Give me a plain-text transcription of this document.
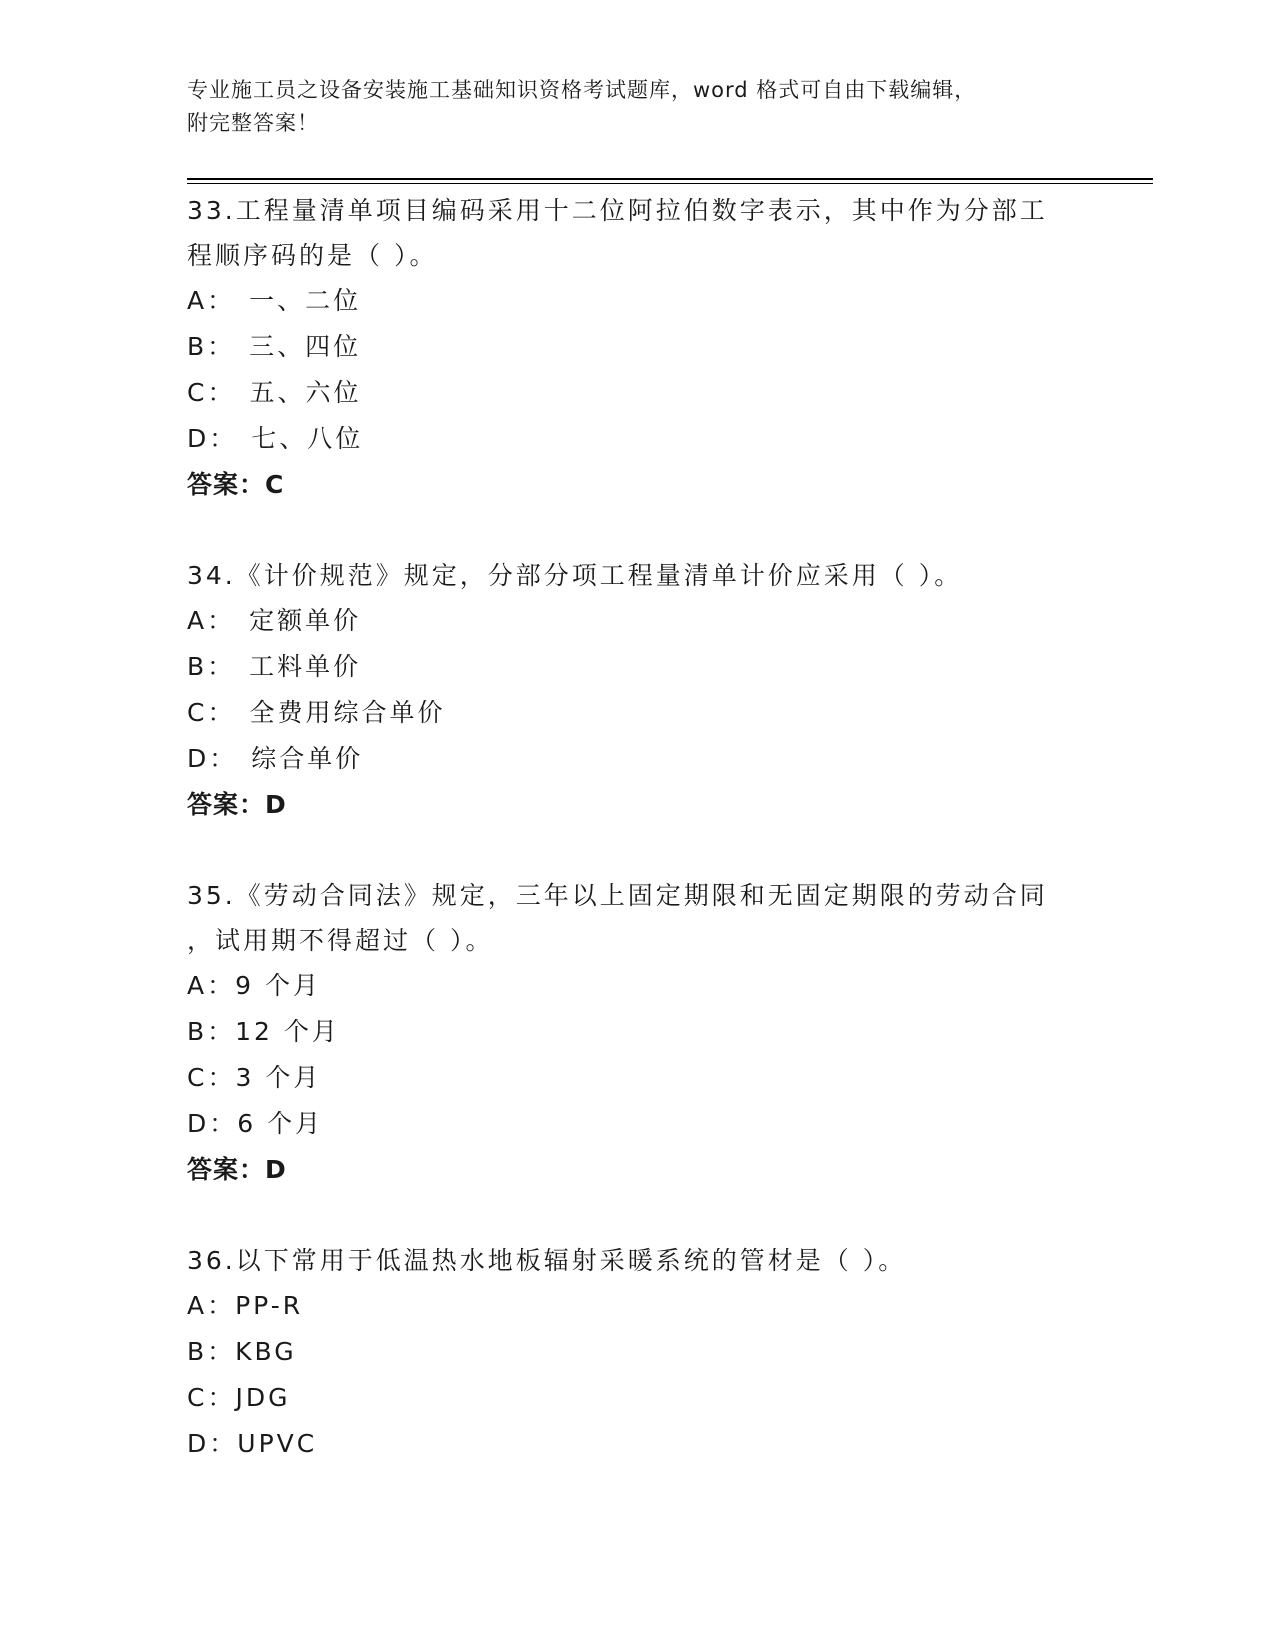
专业施工员之设备安装施工基础知识资格考试题库，word 格式可自由下载编辑，
附完整答案！
33.工程量清单项目编码采用十二位阿拉伯数字表示，其中作为分部工
程顺序码的是（ ）。
A： 一、二位
B： 三、四位
C： 五、六位
D： 七、八位
答案：C
34.《计价规范》规定，分部分项工程量清单计价应采用（ ）。
A： 定额单价
B： 工料单价
C： 全费用综合单价
D： 综合单价
答案：D
35.《劳动合同法》规定，三年以上固定期限和无固定期限的劳动合同
，试用期不得超过（ ）。
A：9 个月
B：12 个月
C：3 个月
D：6 个月
答案：D
36.以下常用于低温热水地板辐射采暖系统的管材是（ ）。
A：PP-R
B：KBG
C：JDG
D：UPVC
